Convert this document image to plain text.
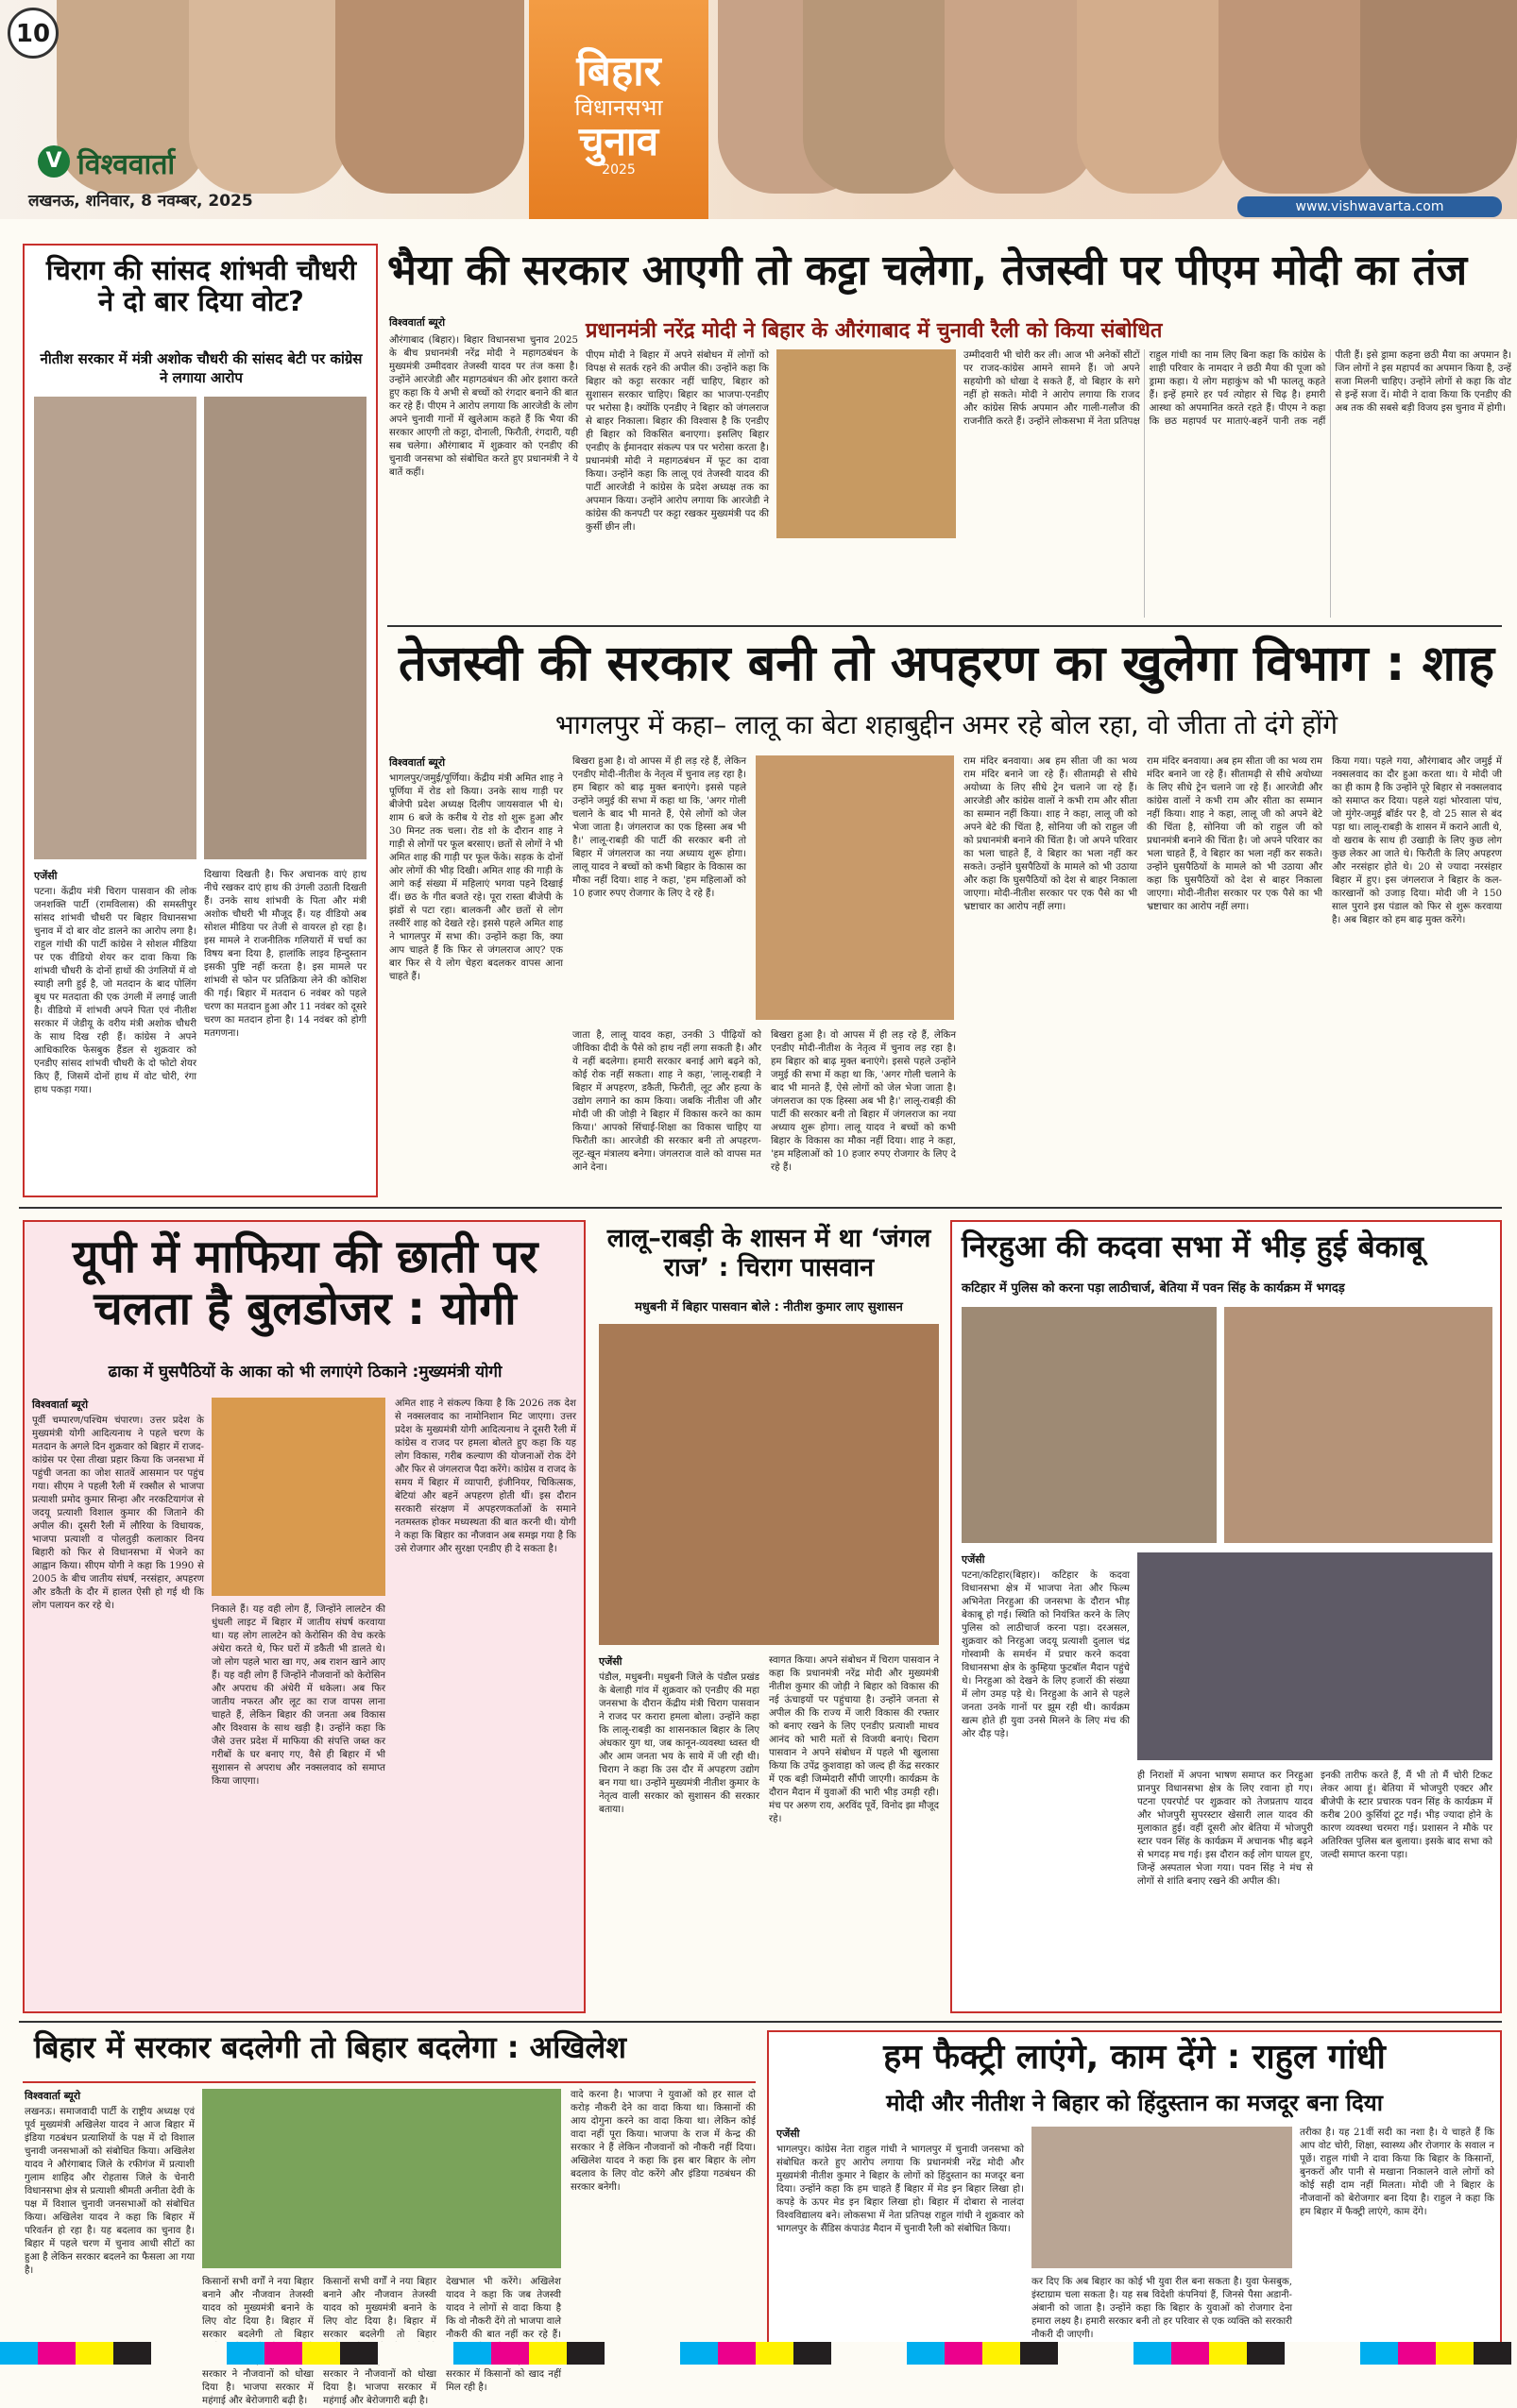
10
V विश्ववार्ता
लखनऊ, शनिवार, 8 नवम्बर, 2025
बिहार
विधानसभा
चुनाव
2025
www.vishwavarta.com
चिराग की सांसद शांभवी चौधरी ने दो बार दिया वोट?
नीतीश सरकार में मंत्री अशोक चौधरी की सांसद बेटी पर कांग्रेस ने लगाया आरोप
एजेंसी
पटना। केंद्रीय मंत्री चिराग पासवान की लोक जनशक्ति पार्टी (रामविलास) की समस्तीपुर सांसद शांभवी चौधरी पर बिहार विधानसभा चुनाव में दो बार वोट डालने का आरोप लगा है। राहुल गांधी की पार्टी कांग्रेस ने सोशल मीडिया पर एक वीडियो शेयर कर दावा किया कि शांभवी चौधरी के दोनों हाथों की उंगलियों में वो स्याही लगी हुई है, जो मतदान के बाद पोलिंग बूथ पर मतदाता की एक उंगली में लगाई जाती है। वीडियो में शांभवी अपने पिता एवं नीतीश सरकार में जेडीयू के वरीय मंत्री अशोक चौधरी के साथ दिख रही हैं। कांग्रेस ने अपने आधिकारिक फेसबुक हैंडल से शुक्रवार को एनडीए सांसद शांभवी चौधरी के दो फोटो शेयर किए हैं, जिसमें दोनों हाथ में वोट चोरी, रंगा हाथ पकड़ा गया।
दिखाया दिखती है। फिर अचानक वाएं हाथ नीचे रखकर दाएं हाथ की उंगली उठाती दिखती हैं। उनके साथ शांभवी के पिता और मंत्री अशोक चौधरी भी मौजूद हैं। यह वीडियो अब सोशल मीडिया पर तेजी से वायरल हो रहा है। इस मामले ने राजनीतिक गलियारों में चर्चा का विषय बना दिया है, हालांकि लाइव हिन्दुस्तान इसकी पुष्टि नहीं करता है। इस मामले पर शांभवी से फोन पर प्रतिक्रिया लेने की कोशिश की गई। बिहार में मतदान 6 नवंबर को पहले चरण का मतदान हुआ और 11 नवंबर को दूसरे चरण का मतदान होना है। 14 नवंबर को होगी मतगणना।
भैया की सरकार आएगी तो कट्टा चलेगा, तेजस्वी पर पीएम मोदी का तंज
विश्ववार्ता ब्यूरो	प्रधानमंत्री नरेंद्र मोदी ने बिहार के औरंगाबाद में चुनावी रैली को किया संबोधित
औरंगाबाद (बिहार)। बिहार विधानसभा चुनाव 2025 के बीच प्रधानमंत्री नरेंद्र मोदी ने महागठबंधन के मुख्यमंत्री उम्मीदवार तेजस्वी यादव पर तंज कसा है। उन्होंने आरजेडी और महागठबंधन की ओर इशारा करते हुए कहा कि ये अभी से बच्चों को रंगदार बनाने की बात कर रहे हैं। पीएम ने आरोप लगाया कि आरजेडी के लोग अपने चुनावी गानों में खुलेआम कहते हैं कि भैया की सरकार आएगी तो कट्टा, दोनाली, फिरौती, रंगदारी, यही सब चलेगा। औरंगाबाद में शुक्रवार को एनडीए की चुनावी जनसभा को संबोधित करते हुए प्रधानमंत्री ने ये बातें कहीं।
पीएम मोदी ने बिहार में अपने संबोधन में लोगों को विपक्ष से सतर्क रहने की अपील की। उन्होंने कहा कि बिहार को कट्टा सरकार नहीं चाहिए, बिहार को सुशासन सरकार चाहिए। बिहार का भाजपा-एनडीए पर भरोसा है। क्योंकि एनडीए ने बिहार को जंगलराज से बाहर निकाला। बिहार की विश्वास है कि एनडीए ही बिहार को विकसित बनाएगा। इसलिए बिहार एनडीए के ईमानदार संकल्प पत्र पर भरोसा करता है। प्रधानमंत्री मोदी ने महागठबंधन में फूट का दावा किया। उन्होंने कहा कि लालू एवं तेजस्वी यादव की पार्टी आरजेडी ने कांग्रेस के प्रदेश अध्यक्ष तक का अपमान किया। उन्होंने आरोप लगाया कि आरजेडी ने कांग्रेस की कनपटी पर कट्टा रखकर मुख्यमंत्री पद की कुर्सी छीन ली।
उम्मीदवारी भी चोरी कर ली। आज भी अनेकों सीटों पर राजद-कांग्रेस आमने सामने हैं। जो अपने सहयोगी को धोखा दे सकते हैं, वो बिहार के सगे नहीं हो सकते। मोदी ने आरोप लगाया कि राजद और कांग्रेस सिर्फ अपमान और गाली-गलौज की राजनीति करते हैं। उन्होंने लोकसभा में नेता प्रतिपक्ष राहुल गांधी का नाम लिए बिना कहा कि कांग्रेस के शाही परिवार के नामदार ने छठी मैया की पूजा को ड्रामा कहा। ये लोग महाकुंभ को भी फालतू कहते हैं। इन्हें हमारे हर पर्व त्योहार से चिढ़ है। हमारी आस्था को अपमानित करते रहते हैं। पीएम ने कहा कि छठ महापर्व पर माताएं-बहनें पानी तक नहीं पीती हैं। इसे ड्रामा कहना छठी मैया का अपमान है। जिन लोगों ने इस महापर्व का अपमान किया है, उन्हें सजा मिलनी चाहिए। उन्होंने लोगों से कहा कि वोट से इन्हें सजा दें। मोदी ने दावा किया कि एनडीए की अब तक की सबसे बड़ी विजय इस चुनाव में होगी।
तेजस्वी की सरकार बनी तो अपहरण का खुलेगा विभाग : शाह
भागलपुर में कहा– लालू का बेटा शहाबुद्दीन अमर रहे बोल रहा, वो जीता तो दंगे होंगे
विश्ववार्ता ब्यूरो
भागलपुर/जमुई/पूर्णिया। केंद्रीय मंत्री अमित शाह ने पूर्णिया में रोड शो किया। उनके साथ गाड़ी पर बीजेपी प्रदेश अध्यक्ष दिलीप जायसवाल भी थे। शाम 6 बजे के करीब ये रोड शो शुरू हुआ और 30 मिनट तक चला। रोड शो के दौरान शाह ने गाड़ी से लोगों पर फूल बरसाए। छतों से लोगों ने भी अमित शाह की गाड़ी पर फूल फेंके। सड़क के दोनों ओर लोगों की भीड़ दिखी। अमित शाह की गाड़ी के आगे कई संख्या में महिलाएं भगवा पहने दिखाई दीं। छठ के गीत बजते रहे। पूरा रास्ता बीजेपी के झंडों से पटा रहा। बालकनी और छतों से लोग तस्वीरें शाह को देखते रहे। इससे पहले अमित शाह ने भागलपुर में सभा की। उन्होंने कहा कि, क्या आप चाहते हैं कि फिर से जंगलराज आए? एक बार फिर से ये लोग चेहरा बदलकर वापस आना चाहते हैं।
बिखरा हुआ है। वो आपस में ही लड़ रहे हैं, लेकिन एनडीए मोदी-नीतीश के नेतृत्व में चुनाव लड़ रहा है। हम बिहार को बाढ़ मुक्त बनाएंगे। इससे पहले उन्होंने जमुई की सभा में कहा था कि, 'अगर गोली चलाने के बाद भी मानते हैं, ऐसे लोगों को जेल भेजा जाता है। जंगलराज का एक हिस्सा अब भी है।' लालू-राबड़ी की पार्टी की सरकार बनी तो बिहार में जंगलराज का नया अध्याय शुरू होगा। लालू यादव ने बच्चों को कभी बिहार के विकास का मौका नहीं दिया। शाह ने कहा, 'हम महिलाओं को 10 हजार रुपए रोजगार के लिए दे रहे हैं।
जाता है, लालू यादव कहा, उनकी 3 पीढ़ियों को जीविका दीदी के पैसे को हाथ नहीं लगा सकती है। और ये नहीं बदलेगा। हमारी सरकार बनाई आगे बढ़ने को, कोई रोक नहीं सकता। शाह ने कहा, 'लालू-राबड़ी ने बिहार में अपहरण, डकैती, फिरौती, लूट और हत्या के उद्योग लगाने का काम किया। जबकि नीतीश जी और मोदी जी की जोड़ी ने बिहार में विकास करने का काम किया।' आपको सिंचाई-शिक्षा का विकास चाहिए या फिरौती का। आरजेडी की सरकार बनी तो अपहरण-लूट-खून मंत्रालय बनेगा। जंगलराज वाले को वापस मत आने देना।
बिखरा हुआ है। वो आपस में ही लड़ रहे हैं, लेकिन एनडीए मोदी-नीतीश के नेतृत्व में चुनाव लड़ रहा है। हम बिहार को बाढ़ मुक्त बनाएंगे। इससे पहले उन्होंने जमुई की सभा में कहा था कि, 'अगर गोली चलाने के बाद भी मानते हैं, ऐसे लोगों को जेल भेजा जाता है। जंगलराज का एक हिस्सा अब भी है।' लालू-राबड़ी की पार्टी की सरकार बनी तो बिहार में जंगलराज का नया अध्याय शुरू होगा। लालू यादव ने बच्चों को कभी बिहार के विकास का मौका नहीं दिया। शाह ने कहा, 'हम महिलाओं को 10 हजार रुपए रोजगार के लिए दे रहे हैं।
राम मंदिर बनवाया। अब हम सीता जी का भव्य राम मंदिर बनाने जा रहे हैं। सीतामढ़ी से सीधे अयोध्या के लिए सीधे ट्रेन चलाने जा रहे हैं। आरजेडी और कांग्रेस वालों ने कभी राम और सीता का सम्मान नहीं किया। शाह ने कहा, लालू जी को अपने बेटे की चिंता है, सोनिया जी को राहुल जी को प्रधानमंत्री बनाने की चिंता है। जो अपने परिवार का भला चाहते हैं, वे बिहार का भला नहीं कर सकते। उन्होंने घुसपैठियों के मामले को भी उठाया और कहा कि घुसपैठियों को देश से बाहर निकाला जाएगा। मोदी-नीतीश सरकार पर एक पैसे का भी भ्रष्टाचार का आरोप नहीं लगा।
राम मंदिर बनवाया। अब हम सीता जी का भव्य राम मंदिर बनाने जा रहे हैं। सीतामढ़ी से सीधे अयोध्या के लिए सीधे ट्रेन चलाने जा रहे हैं। आरजेडी और कांग्रेस वालों ने कभी राम और सीता का सम्मान नहीं किया। शाह ने कहा, लालू जी को अपने बेटे की चिंता है, सोनिया जी को राहुल जी को प्रधानमंत्री बनाने की चिंता है। जो अपने परिवार का भला चाहते हैं, वे बिहार का भला नहीं कर सकते। उन्होंने घुसपैठियों के मामले को भी उठाया और कहा कि घुसपैठियों को देश से बाहर निकाला जाएगा। मोदी-नीतीश सरकार पर एक पैसे का भी भ्रष्टाचार का आरोप नहीं लगा।
किया गया। पहले गया, औरंगाबाद और जमुई में नक्सलवाद का दौर हुआ करता था। ये मोदी जी का ही काम है कि उन्होंने पूरे बिहार से नक्सलवाद को समाप्त कर दिया। पहले यहां भोरवाला पांच, जो मुंगेर-जमुई बॉर्डर पर है, वो 25 साल से बंद पड़ा था। लालू-राबड़ी के शासन में कराने आती थे, वो खराब के साथ ही उखाड़ी के लिए कुछ लोग कुछ लेकर आ जाते थे। फिरौती के लिए अपहरण और नरसंहार होते थे। 20 से ज्यादा नरसंहार बिहार में हुए। इस जंगलराज ने बिहार के कल-कारखानों को उजाड़ दिया। मोदी जी ने 150 साल पुराने इस पंडाल को फिर से शुरू करवाया है। अब बिहार को हम बाढ़ मुक्त करेंगे।
यूपी में माफिया की छाती पर चलता है बुलडोजर : योगी
ढाका में घुसपैठियों के आका को भी लगाएंगे ठिकाने :मुख्यमंत्री योगी
विश्ववार्ता ब्यूरो
पूर्वी चम्पारण/पश्चिम चंपारण। उत्तर प्रदेश के मुख्यमंत्री योगी आदित्यनाथ ने पहले चरण के मतदान के अगले दिन शुक्रवार को बिहार में राजद-कांग्रेस पर ऐसा तीखा प्रहार किया कि जनसभा में पहुंची जनता का जोश सातवें आसमान पर पहुंच गया। सीएम ने पहली रैली में रक्सौल से भाजपा प्रत्याशी प्रमोद कुमार सिन्हा और नरकटियागंज से जदयू प्रत्याशी विशाल कुमार की जिताने की अपील की। दूसरी रैली में लौरिया के विधायक, भाजपा प्रत्याशी व पोलतुड़ी कलाकार विनय बिहारी को फिर से विधानसभा में भेजने का आह्वान किया। सीएम योगी ने कहा कि 1990 से 2005 के बीच जातीय संघर्ष, नरसंहार, अपहरण और डकैती के दौर में हालत ऐसी हो गई थी कि लोग पलायन कर रहे थे।	निकाले हैं। यह वही लोग हैं, जिन्होंने लालटेन की धुंधली लाइट में बिहार में जातीय संघर्ष करवाया था। यह लोग लालटेन को केरोसिन की वेच करके अंधेरा करते थे, फिर घरों में डकैती भी डालते थे। जो लोग पहले भारा खा गए, अब राशन खाने आए हैं। यह वही लोग हैं जिन्होंने नौजवानों को केरोसिन और अपराध की अंधेरी में धकेला। अब फिर जातीय नफरत और लूट का राज वापस लाना चाहते हैं, लेकिन बिहार की जनता अब विकास और विश्वास के साथ खड़ी है। उन्होंने कहा कि जैसे उत्तर प्रदेश में माफिया की संपत्ति जब्त कर गरीबों के घर बनाए गए, वैसे ही बिहार में भी सुशासन से अपराध और नक्सलवाद को समाप्त किया जाएगा।
अमित शाह ने संकल्प किया है कि 2026 तक देश से नक्सलवाद का नामोनिशान मिट जाएगा। उत्तर प्रदेश के मुख्यमंत्री योगी आदित्यनाथ ने दूसरी रैली में कांग्रेस व राजद पर हमला बोलते हुए कहा कि यह लोग विकास, गरीब कल्याण की योजनाओं रोक देंगे और फिर से जंगलराज पैदा करेंगे। कांग्रेस व राजद के समय में बिहार में व्यापारी, इंजीनियर, चिकित्सक, बेटियां और बहनें अपहरण होती थीं। इस दौरान सरकारी संरक्षण में अपहरणकर्ताओं के समाने नतमस्तक होकर मध्यस्थता की बात करनी थी। योगी ने कहा कि बिहार का नौजवान अब समझ गया है कि उसे रोजगार और सुरक्षा एनडीए ही दे सकता है।
लालू–राबड़ी के शासन में था ‘जंगल राज’ : चिराग पासवान
मधुबनी में बिहार पासवान बोले : नीतीश कुमार लाए सुशासन
एजेंसी
पंडौल, मधुबनी। मधुबनी जिले के पंडौल प्रखंड के बेलाही गांव में शुक्रवार को एनडीए की महा जनसभा के दौरान केंद्रीय मंत्री चिराग पासवान ने राजद पर करारा हमला बोला। उन्होंने कहा कि लालू-राबड़ी का शासनकाल बिहार के लिए अंधकार युग था, जब कानून-व्यवस्था ध्वस्त थी और आम जनता भय के साये में जी रही थी। चिराग ने कहा कि उस दौर में अपहरण उद्योग बन गया था। उन्होंने मुख्यमंत्री नीतीश कुमार के नेतृत्व वाली सरकार को सुशासन की सरकार बताया।
स्वागत किया। अपने संबोधन में चिराग पासवान ने कहा कि प्रधानमंत्री नरेंद्र मोदी और मुख्यमंत्री नीतीश कुमार की जोड़ी ने बिहार को विकास की नई ऊंचाइयों पर पहुंचाया है। उन्होंने जनता से अपील की कि राज्य में जारी विकास की रफ्तार को बनाए रखने के लिए एनडीए प्रत्याशी माधव आनंद को भारी मतों से विजयी बनाएं। चिराग पासवान ने अपने संबोधन में पहले भी खुलासा किया कि उपेंद्र कुशवाहा को जल्द ही केंद्र सरकार में एक बड़ी जिम्मेदारी सौंपी जाएगी। कार्यक्रम के दौरान मैदान में युवाओं की भारी भीड़ उमड़ी रही। मंच पर अरुण राय, अरविंद पूर्वे, विनोद झा मौजूद रहे।
निरहुआ की कदवा सभा में भीड़ हुई बेकाबू
कटिहार में पुलिस को करना पड़ा लाठीचार्ज, बेतिया में पवन सिंह के कार्यक्रम में भगदड़
एजेंसी
पटना/कटिहार(बिहार)। कटिहार के कदवा विधानसभा क्षेत्र में भाजपा नेता और फिल्म अभिनेता निरहुआ की जनसभा के दौरान भीड़ बेकाबू हो गई। स्थिति को नियंत्रित करने के लिए पुलिस को लाठीचार्ज करना पड़ा। दरअसल, शुक्रवार को निरहुआ जदयू प्रत्याशी दुलाल चंद्र गोस्वामी के समर्थन में प्रचार करने कदवा विधानसभा क्षेत्र के कुम्हिया फुटबॉल मैदान पहुंचे थे। निरहुआ को देखने के लिए हजारों की संख्या में लोग उमड़ पड़े थे। निरहुआ के आने से पहले जनता उनके गानों पर झूम रही थी। कार्यक्रम खत्म होते ही युवा उनसे मिलने के लिए मंच की ओर दौड़ पड़े।
ही निराशों में अपना भाषण समाप्त कर निरहुआ प्रानपुर विधानसभा क्षेत्र के लिए रवाना हो गए। पटना एयरपोर्ट पर शुक्रवार को तेजप्रताप यादव और भोजपुरी सुपरस्टार खेसारी लाल यादव की मुलाकात हुई। वहीं दूसरी ओर बेतिया में भोजपुरी स्टार पवन सिंह के कार्यक्रम में अचानक भीड़ बढ़ने से भगदड़ मच गई। इस दौरान कई लोग घायल हुए, जिन्हें अस्पताल भेजा गया। पवन सिंह ने मंच से लोगों से शांति बनाए रखने की अपील की।
इनकी तारीफ करते हैं, मैं भी तो मैं चोरी टिकट लेकर आया हूं। बेतिया में भोजपुरी एक्टर और बीजेपी के स्टार प्रचारक पवन सिंह के कार्यक्रम में करीब 200 कुर्सियां टूट गईं। भीड़ ज्यादा होने के कारण व्यवस्था चरमरा गई। प्रशासन ने मौके पर अतिरिक्त पुलिस बल बुलाया। इसके बाद सभा को जल्दी समाप्त करना पड़ा।
बिहार में सरकार बदलेगी तो बिहार बदलेगा : अखिलेश
विश्ववार्ता ब्यूरो
लखनऊ। समाजवादी पार्टी के राष्ट्रीय अध्यक्ष एवं पूर्व मुख्यमंत्री अखिलेश यादव ने आज बिहार में इंडिया गठबंधन प्रत्याशियों के पक्ष में दो विशाल चुनावी जनसभाओं को संबोधित किया। अखिलेश यादव ने औरंगाबाद जिले के रफीगंज में प्रत्याशी गुलाम शाहिद और रोहतास जिले के चेनारी विधानसभा क्षेत्र से प्रत्याशी श्रीमती अनीता देवी के पक्ष में विशाल चुनावी जनसभाओं को संबोधित किया। अखिलेश यादव ने कहा कि बिहार में परिवर्तन हो रहा है। यह बदलाव का चुनाव है। बिहार में पहले चरण में चुनाव आधी सीटों का हुआ है लेकिन सरकार बदलने का फैसला आ गया है।
किसानों सभी वर्गों ने नया बिहार बनाने और नौजवान तेजस्वी यादव को मुख्यमंत्री बनाने के लिए वोट दिया है। बिहार में सरकार बदलेगी तो बिहार सरकार ने नौजवानों को धोखा दिया है। भाजपा सरकार में महंगाई और बेरोजगारी बढ़ी है।
किसानों सभी वर्गों ने नया बिहार बनाने और नौजवान तेजस्वी यादव को मुख्यमंत्री बनाने के लिए वोट दिया है। बिहार में सरकार बदलेगी तो बिहार सरकार ने नौजवानों को धोखा दिया है। भाजपा सरकार में महंगाई और बेरोजगारी बढ़ी है।
देखभाल भी करेंगे। अखिलेश यादव ने कहा कि जब तेजस्वी यादव ने लोगों से वादा किया है कि वो नौकरी देंगे तो भाजपा वाले नौकरी की बात नहीं कर रहे हैं। सरकार में किसानों को खाद नहीं मिल रही है।
वादे करना है। भाजपा ने युवाओं को हर साल दो करोड़ नौकरी देने का वादा किया था। किसानों की आय दोगुना करने का वादा किया था। लेकिन कोई वादा नहीं पूरा किया। भाजपा के राज में केन्द्र की सरकार ने हैं लेकिन नौजवानों को नौकरी नहीं दिया। अखिलेश यादव ने कहा कि इस बार बिहार के लोग बदलाव के लिए वोट करेंगे और इंडिया गठबंधन की सरकार बनेगी।
हम फैक्ट्री लाएंगे, काम देंगे : राहुल गांधी
मोदी और नीतीश ने बिहार को हिंदुस्तान का मजदूर बना दिया
एजेंसी
भागलपुर। कांग्रेस नेता राहुल गांधी ने भागलपुर में चुनावी जनसभा को संबोधित करते हुए आरोप लगाया कि प्रधानमंत्री नरेंद्र मोदी और मुख्यमंत्री नीतीश कुमार ने बिहार के लोगों को हिंदुस्तान का मजदूर बना दिया। उन्होंने कहा कि हम चाहते हैं बिहार में मेड इन बिहार लिखा हो। कपड़े के ऊपर मेड इन बिहार लिखा हो। बिहार में दोबारा से नालंदा विश्वविद्यालय बने। लोकसभा में नेता प्रतिपक्ष राहुल गांधी ने शुक्रवार को भागलपुर के सैंडिस कंपाउंड मैदान में चुनावी रैली को संबोधित किया।
कर दिए कि अब बिहार का कोई भी युवा रील बना सकता है। युवा फेसबुक, इंस्टाग्राम चला सकता है। यह सब विदेशी कंपनियां हैं, जिनसे पैसा अडानी-अंबानी को जाता है। उन्होंने कहा कि बिहार के युवाओं को रोजगार देना हमारा लक्ष्य है। हमारी सरकार बनी तो हर परिवार से एक व्यक्ति को सरकारी नौकरी दी जाएगी।
तरीका है। यह 21वीं सदी का नशा है। ये चाहते हैं कि आप वोट चोरी, शिक्षा, स्वास्थ्य और रोजगार के सवाल न पूछें। राहुल गांधी ने दावा किया कि बिहार के किसानों, बुनकरों और पानी से मखाना निकालने वाले लोगों को कोई सही दाम नहीं मिलता। मोदी जी ने बिहार के नौजवानों को बेरोजगार बना दिया है। राहुल ने कहा कि हम बिहार में फैक्ट्री लाएंगे, काम देंगे।
